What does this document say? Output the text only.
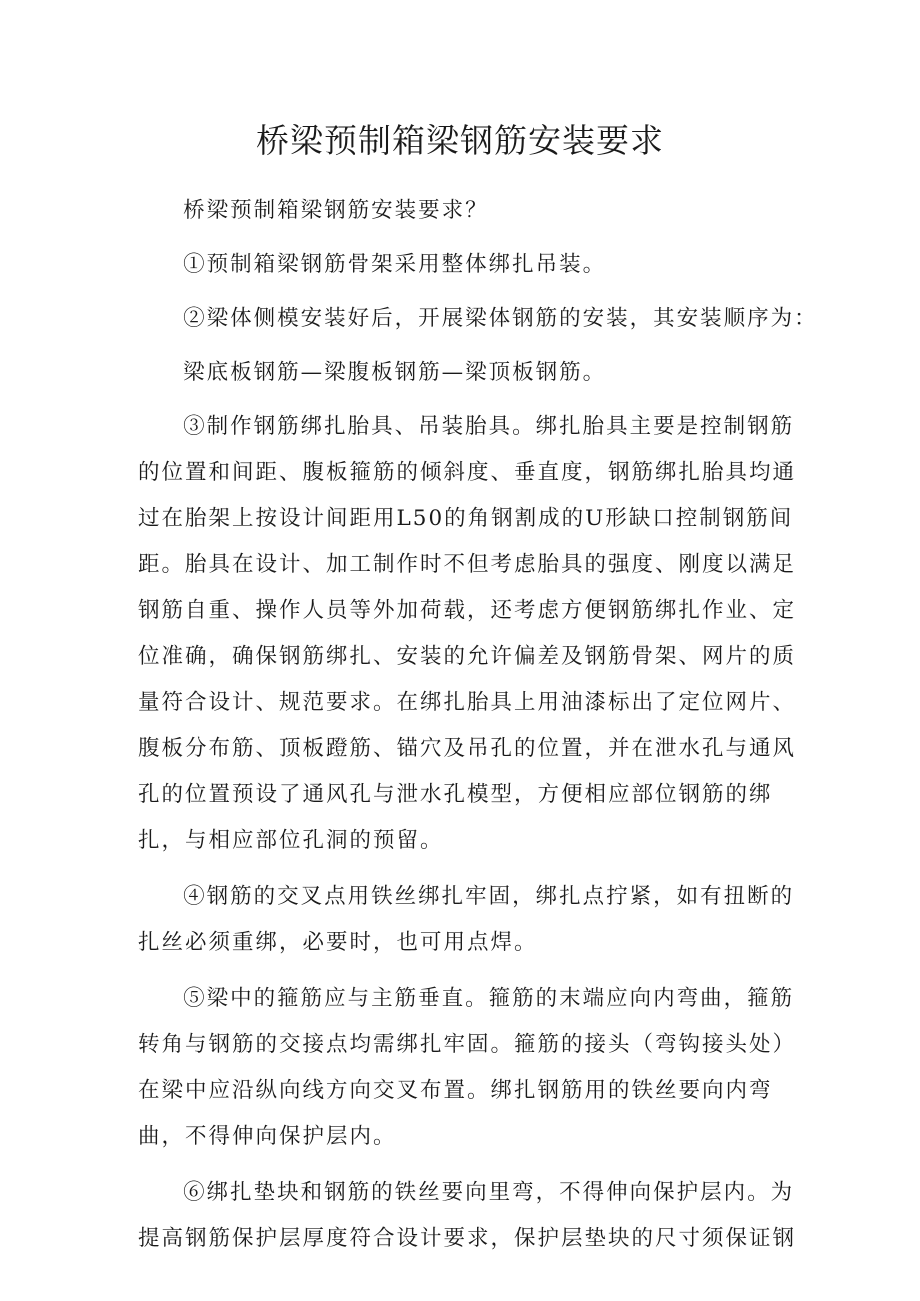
桥梁预制箱梁钢筋安装要求

桥梁预制箱梁钢筋安装要求？

①预制箱梁钢筋骨架采用整体绑扎吊装。

②梁体侧模安装好后，开展梁体钢筋的安装，其安装顺序为：

梁底板钢筋—梁腹板钢筋—梁顶板钢筋。

③制作钢筋绑扎胎具、吊装胎具。绑扎胎具主要是控制钢筋的位置和间距、腹板箍筋的倾斜度、垂直度，钢筋绑扎胎具均通过在胎架上按设计间距用L50的角钢割成的U形缺口控制钢筋间距。胎具在设计、加工制作时不但考虑胎具的强度、刚度以满足钢筋自重、操作人员等外加荷载，还考虑方便钢筋绑扎作业、定位准确，确保钢筋绑扎、安装的允许偏差及钢筋骨架、网片的质量符合设计、规范要求。在绑扎胎具上用油漆标出了定位网片、腹板分布筋、顶板蹬筋、锚穴及吊孔的位置，并在泄水孔与通风孔的位置预设了通风孔与泄水孔模型，方便相应部位钢筋的绑扎，与相应部位孔洞的预留。

④钢筋的交叉点用铁丝绑扎牢固，绑扎点拧紧，如有扭断的扎丝必须重绑，必要时，也可用点焊。

⑤梁中的箍筋应与主筋垂直。箍筋的末端应向内弯曲，箍筋转角与钢筋的交接点均需绑扎牢固。箍筋的接头（弯钩接头处）在梁中应沿纵向线方向交叉布置。绑扎钢筋用的铁丝要向内弯曲，不得伸向保护层内。

⑥绑扎垫块和钢筋的铁丝要向里弯，不得伸向保护层内。为提高钢筋保护层厚度符合设计要求，保护层垫块的尺寸须保证钢
